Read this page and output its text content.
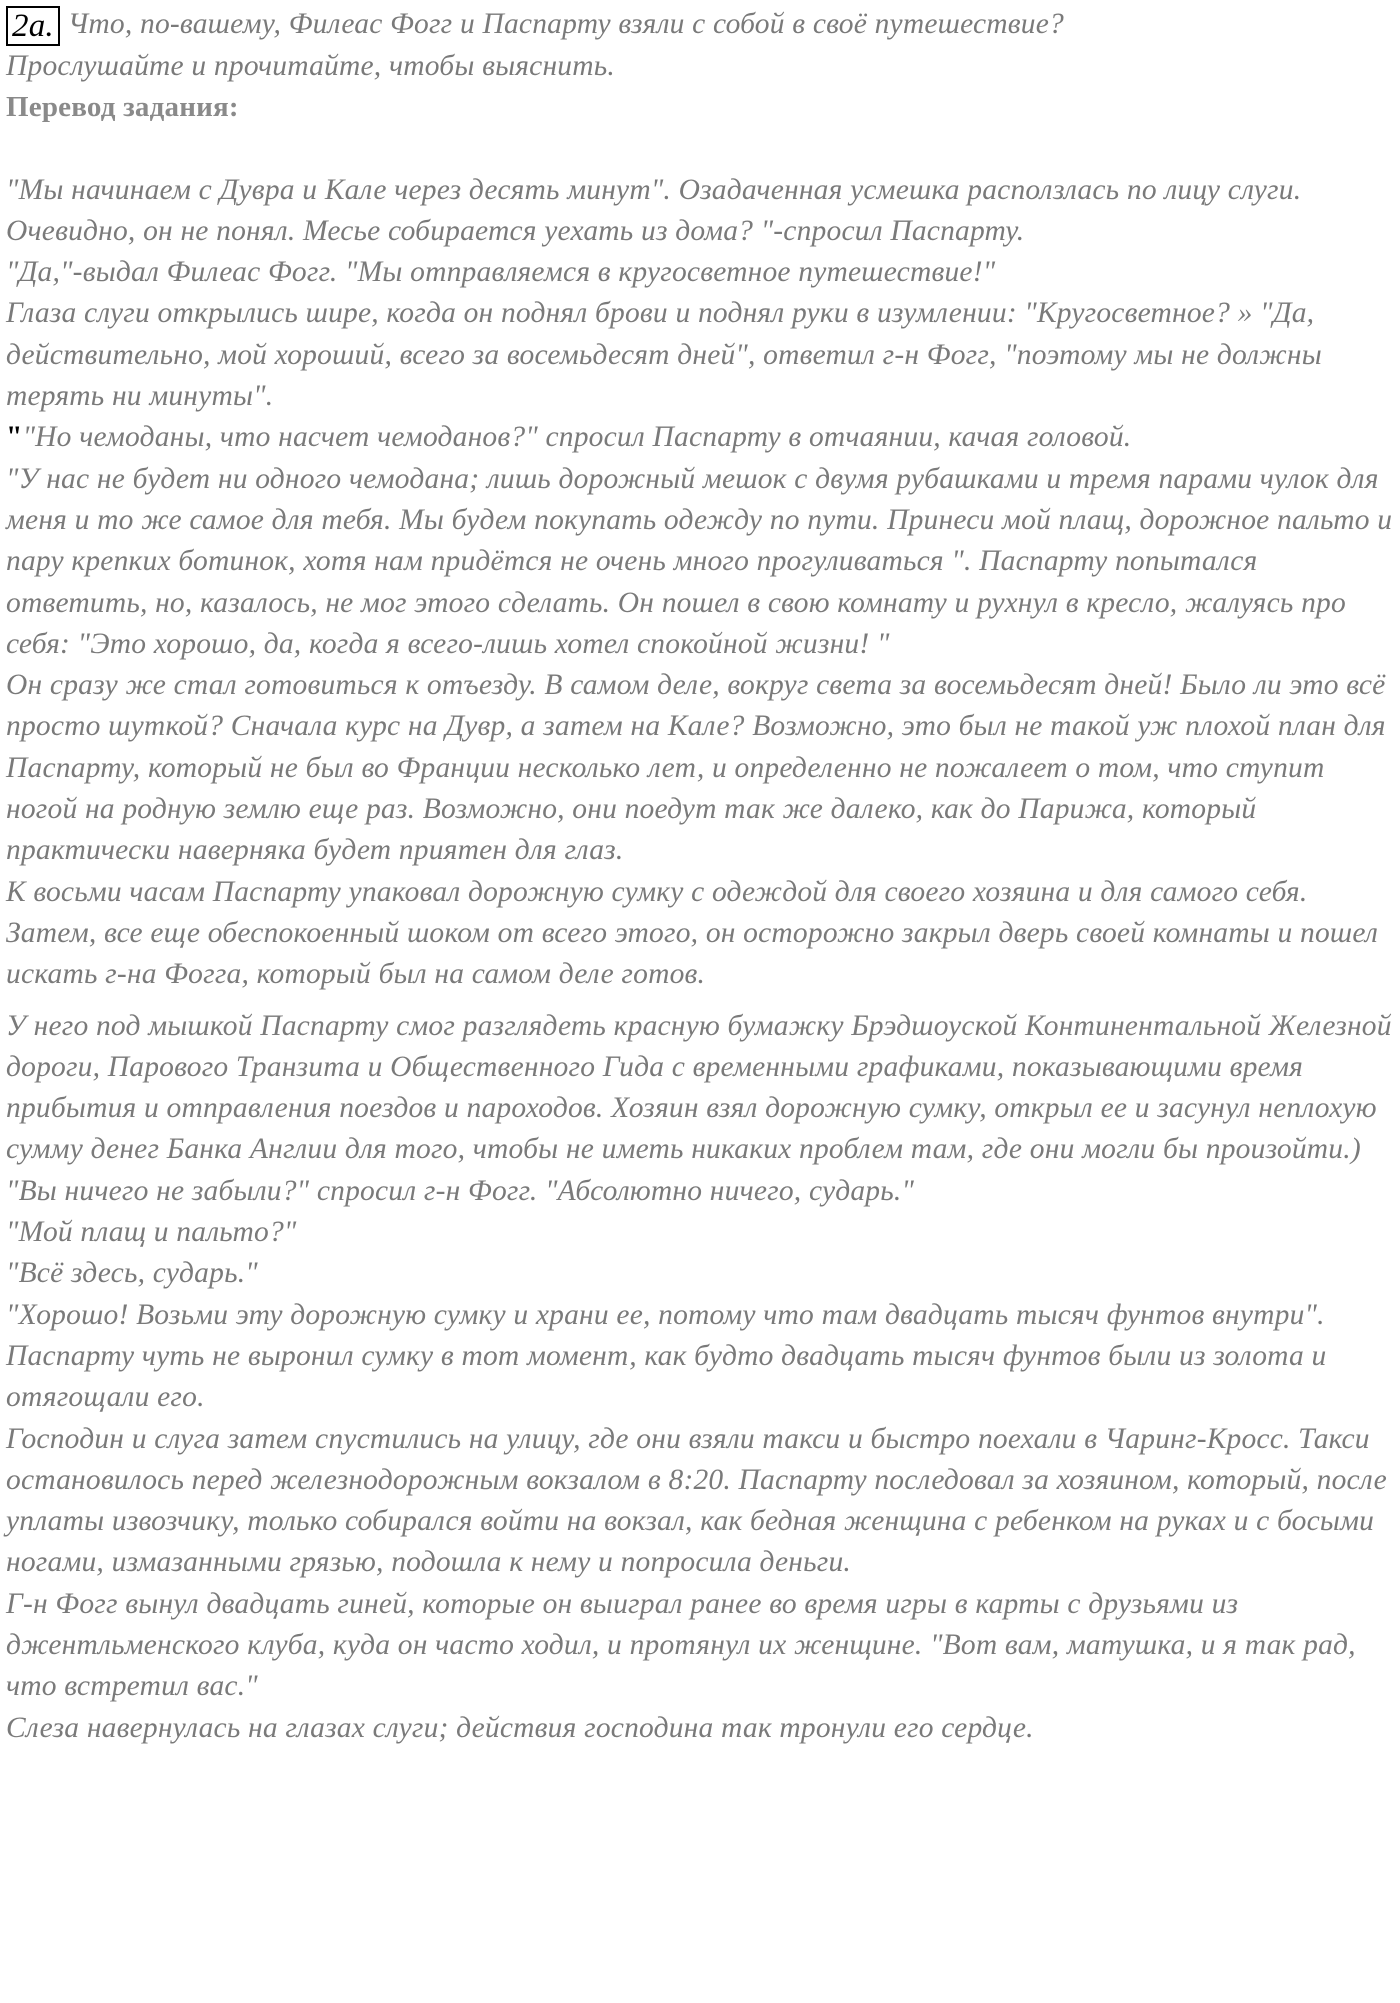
2a. Что, по-вашему, Филеас Фогг и Паспарту взяли с собой в своё путешествие?

Прослушайте и прочитайте, чтобы выяснить.

Перевод задания:

"Мы начинаем с Дувра и Кале через десять минут". Озадаченная усмешка расползлась по лицу слуги. Очевидно, он не понял. Месье собирается уехать из дома? "-спросил Паспарту.

"Да,"-выдал Филеас Фогг. "Мы отправляемся в кругосветное путешествие!"

Глаза слуги открылись шире, когда он поднял брови и поднял руки в изумлении: "Кругосветное? » "Да, действительно, мой хороший, всего за восемьдесят дней", ответил г-н Фогг, "поэтому мы не должны терять ни минуты".

""Но чемоданы, что насчет чемоданов?" спросил Паспарту в отчаянии, качая головой.

"У нас не будет ни одного чемодана; лишь дорожный мешок с двумя рубашками и тремя парами чулок для меня и то же самое для тебя. Мы будем покупать одежду по пути. Принеси мой плащ, дорожное пальто и пару крепких ботинок, хотя нам придётся не очень много прогуливаться ". Паспарту попытался ответить, но, казалось, не мог этого сделать. Он пошел в свою комнату и рухнул в кресло, жалуясь про себя: "Это хорошо, да, когда я всего-лишь хотел спокойной жизни! "

Он сразу же стал готовиться к отъезду. В самом деле, вокруг света за восемьдесят дней! Было ли это всё просто шуткой? Сначала курс на Дувр, а затем на Кале? Возможно, это был не такой уж плохой план для Паспарту, который не был во Франции несколько лет, и определенно не пожалеет о том, что ступит ногой на родную землю еще раз. Возможно, они поедут так же далеко, как до Парижа, который практически наверняка будет приятен для глаз.

К восьми часам Паспарту упаковал дорожную сумку с одеждой для своего хозяина и для самого себя. Затем, все еще обеспокоенный шоком от всего этого, он осторожно закрыл дверь своей комнаты и пошел искать г-на Фогга, который был на самом деле готов.

У него под мышкой Паспарту смог разглядеть красную бумажку Брэдшоуской Континентальной Железной дороги, Парового Транзита и Общественного Гида с временными графиками, показывающими время прибытия и отправления поездов и пароходов. Хозяин взял дорожную сумку, открыл ее и засунул неплохую сумму денег Банка Англии для того, чтобы не иметь никаких проблем там, где они могли бы произойти.)

"Вы ничего не забыли?" спросил г-н Фогг. "Абсолютно ничего, сударь."

"Мой плащ и пальто?"

"Всё здесь, сударь."

"Хорошо! Возьми эту дорожную сумку и храни ее, потому что там двадцать тысяч фунтов внутри".

Паспарту чуть не выронил сумку в тот момент, как будто двадцать тысяч фунтов были из золота и отягощали его.

Господин и слуга затем спустились на улицу, где они взяли такси и быстро поехали в Чаринг-Кросс. Такси остановилось перед железнодорожным вокзалом в 8:20. Паспарту последовал за хозяином, который, после уплаты извозчику, только собирался войти на вокзал, как бедная женщина с ребенком на руках и с босыми ногами, измазанными грязью, подошла к нему и попросила деньги.

Г-н Фогг вынул двадцать гиней, которые он выиграл ранее во время игры в карты с друзьями из джентльменского клуба, куда он часто ходил, и протянул их женщине. "Вот вам, матушка, и я так рад, что встретил вас."

Слеза навернулась на глазах слуги; действия господина так тронули его сердце.
